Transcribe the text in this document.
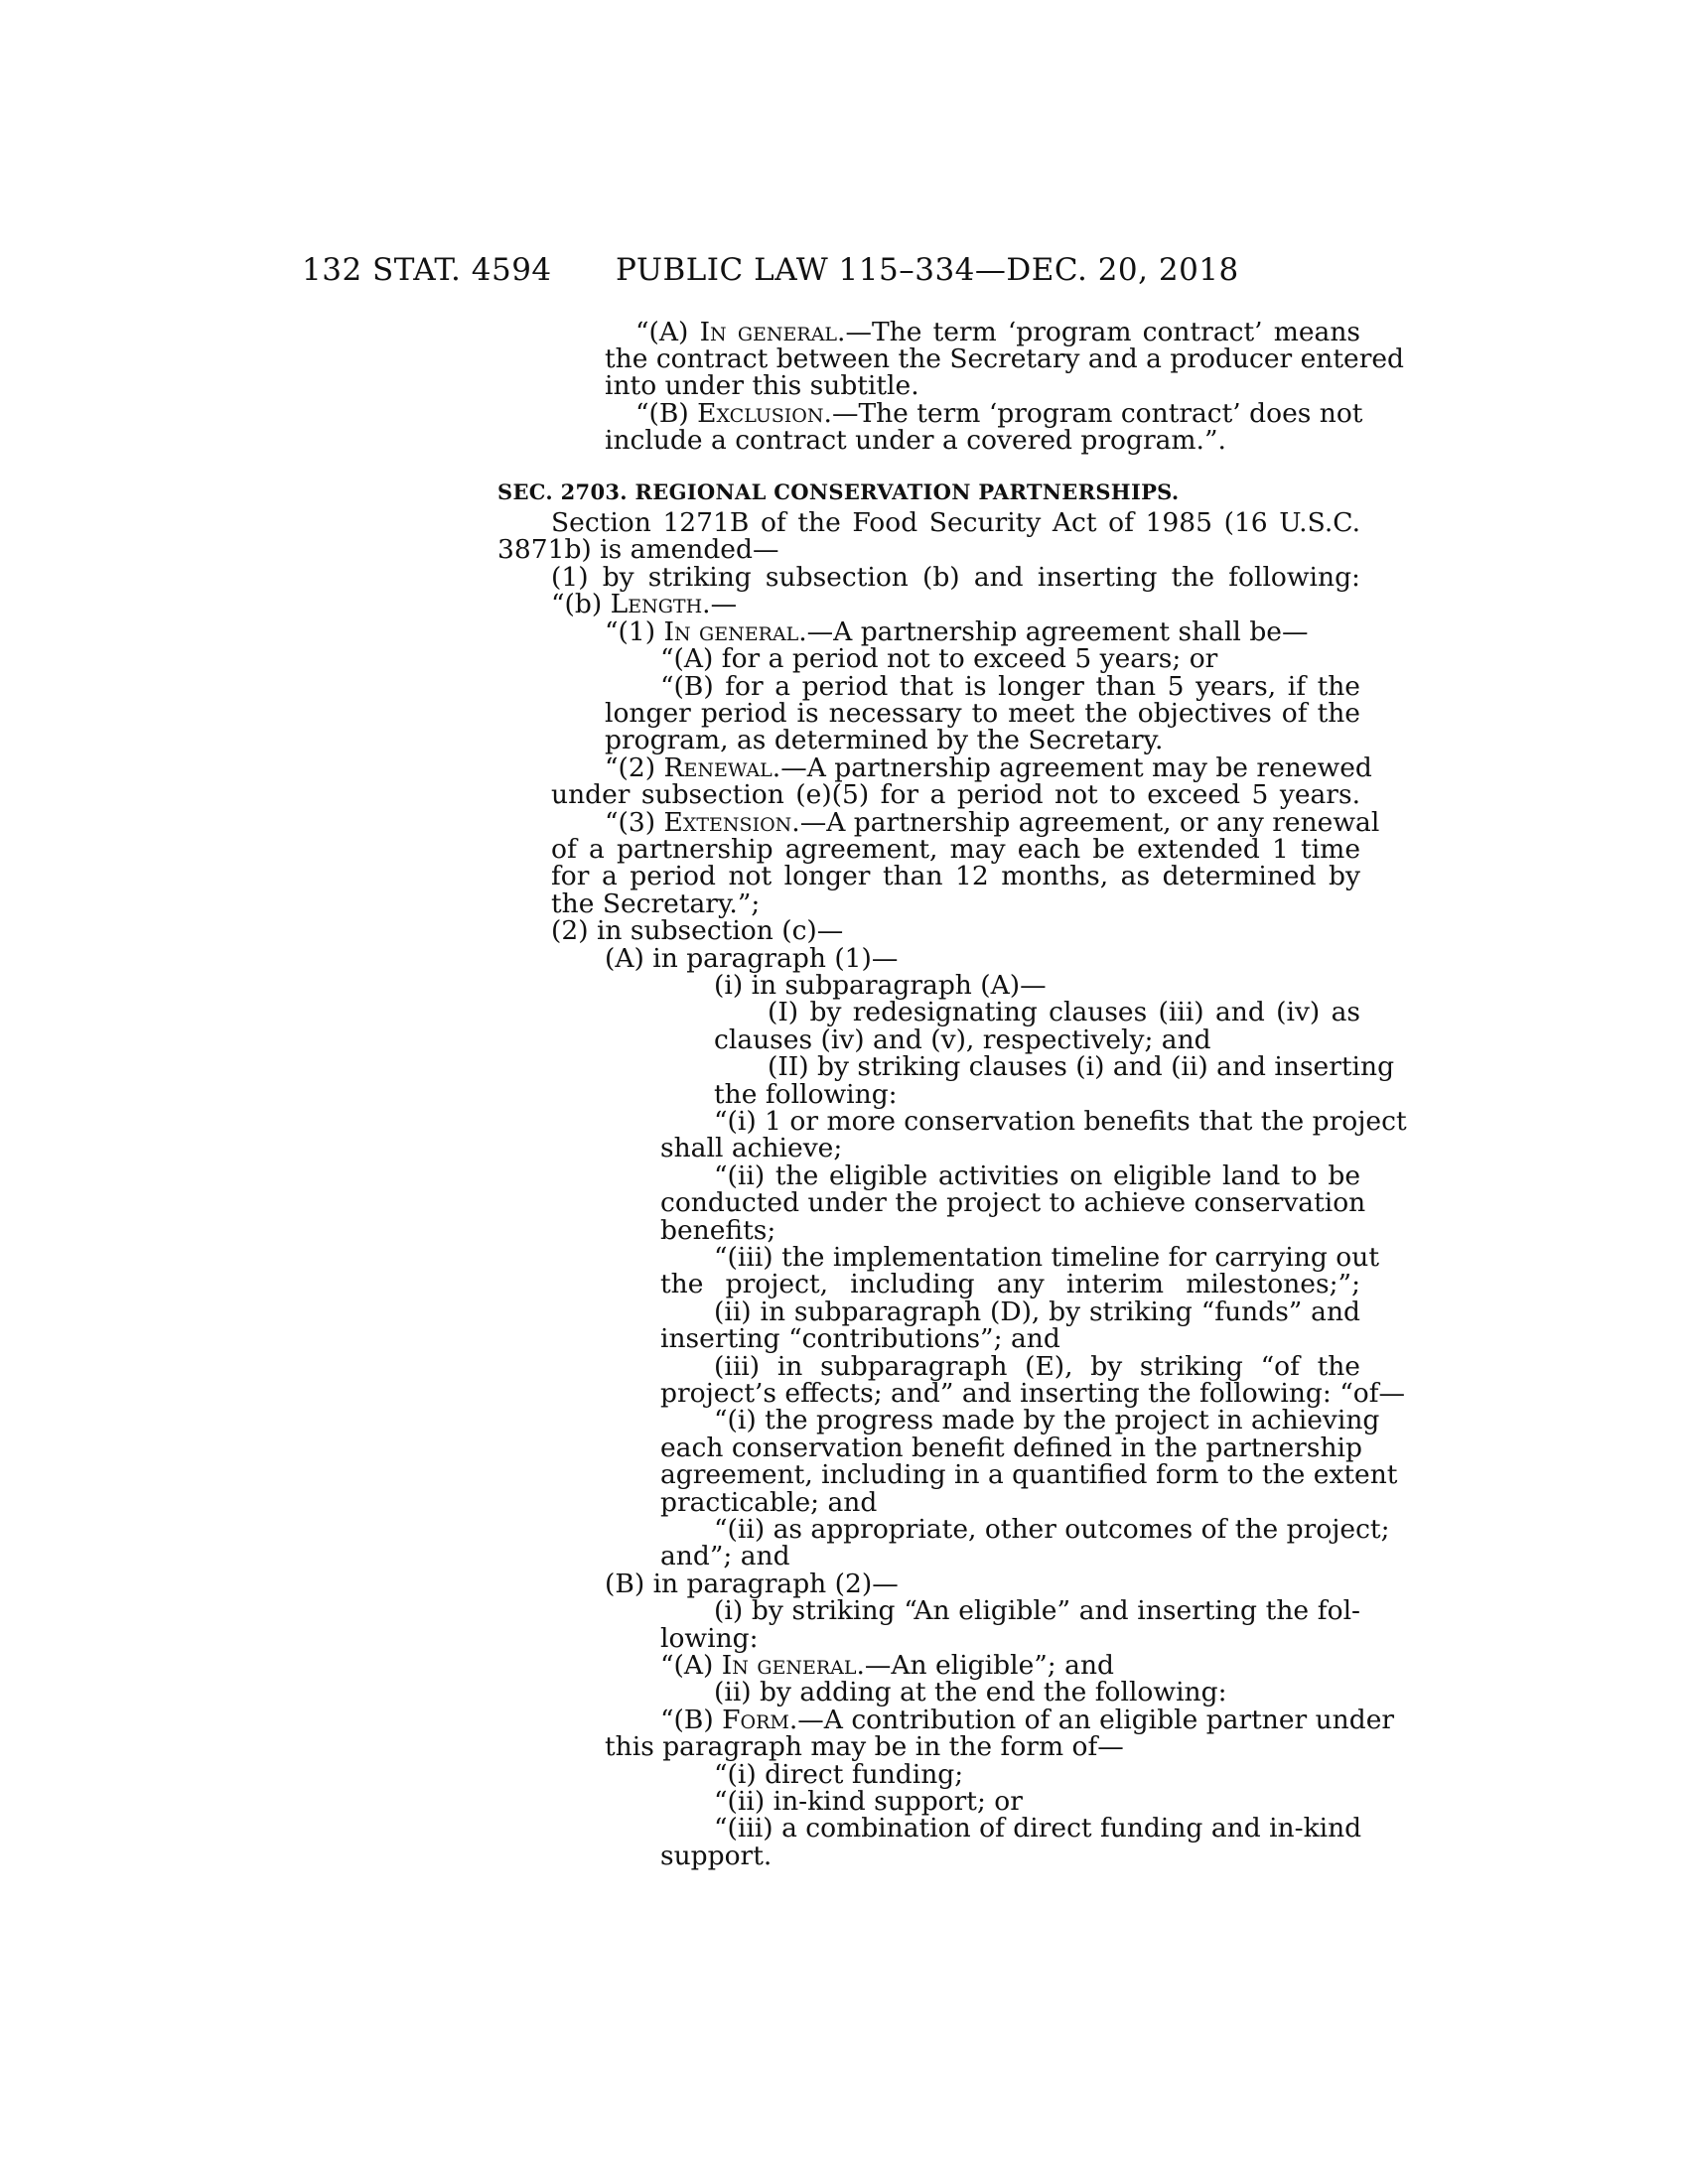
132 STAT. 4594 PUBLIC LAW 115–334—DEC. 20, 2018
“(A) In general.—The term ‘program contract’ means
the contract between the Secretary and a producer entered
into under this subtitle.
“(B) Exclusion.—The term ‘program contract’ does not
include a contract under a covered program.”.
SEC. 2703. REGIONAL CONSERVATION PARTNERSHIPS.
Section 1271B of the Food Security Act of 1985 (16 U.S.C.
3871b) is amended—
(1) by striking subsection (b) and inserting the following:
“(b) Length.—
“(1) In general.—A partnership agreement shall be—
“(A) for a period not to exceed 5 years; or
“(B) for a period that is longer than 5 years, if the
longer period is necessary to meet the objectives of the
program, as determined by the Secretary.
“(2) Renewal.—A partnership agreement may be renewed
under subsection (e)(5) for a period not to exceed 5 years.
“(3) Extension.—A partnership agreement, or any renewal
of a partnership agreement, may each be extended 1 time
for a period not longer than 12 months, as determined by
the Secretary.”;
(2) in subsection (c)—
(A) in paragraph (1)—
(i) in subparagraph (A)—
(I) by redesignating clauses (iii) and (iv) as
clauses (iv) and (v), respectively; and
(II) by striking clauses (i) and (ii) and inserting
the following:
“(i) 1 or more conservation benefits that the project
shall achieve;
“(ii) the eligible activities on eligible land to be
conducted under the project to achieve conservation
benefits;
“(iii) the implementation timeline for carrying out
the project, including any interim milestones;”;
(ii) in subparagraph (D), by striking “funds” and
inserting “contributions”; and
(iii) in subparagraph (E), by striking “of the
project’s effects; and” and inserting the following: “of—
“(i) the progress made by the project in achieving
each conservation benefit defined in the partnership
agreement, including in a quantified form to the extent
practicable; and
“(ii) as appropriate, other outcomes of the project;
and”; and
(B) in paragraph (2)—
(i) by striking “An eligible” and inserting the fol-
lowing:
“(A) In general.—An eligible”; and
(ii) by adding at the end the following:
“(B) Form.—A contribution of an eligible partner under
this paragraph may be in the form of—
“(i) direct funding;
“(ii) in-kind support; or
“(iii) a combination of direct funding and in-kind
support.
